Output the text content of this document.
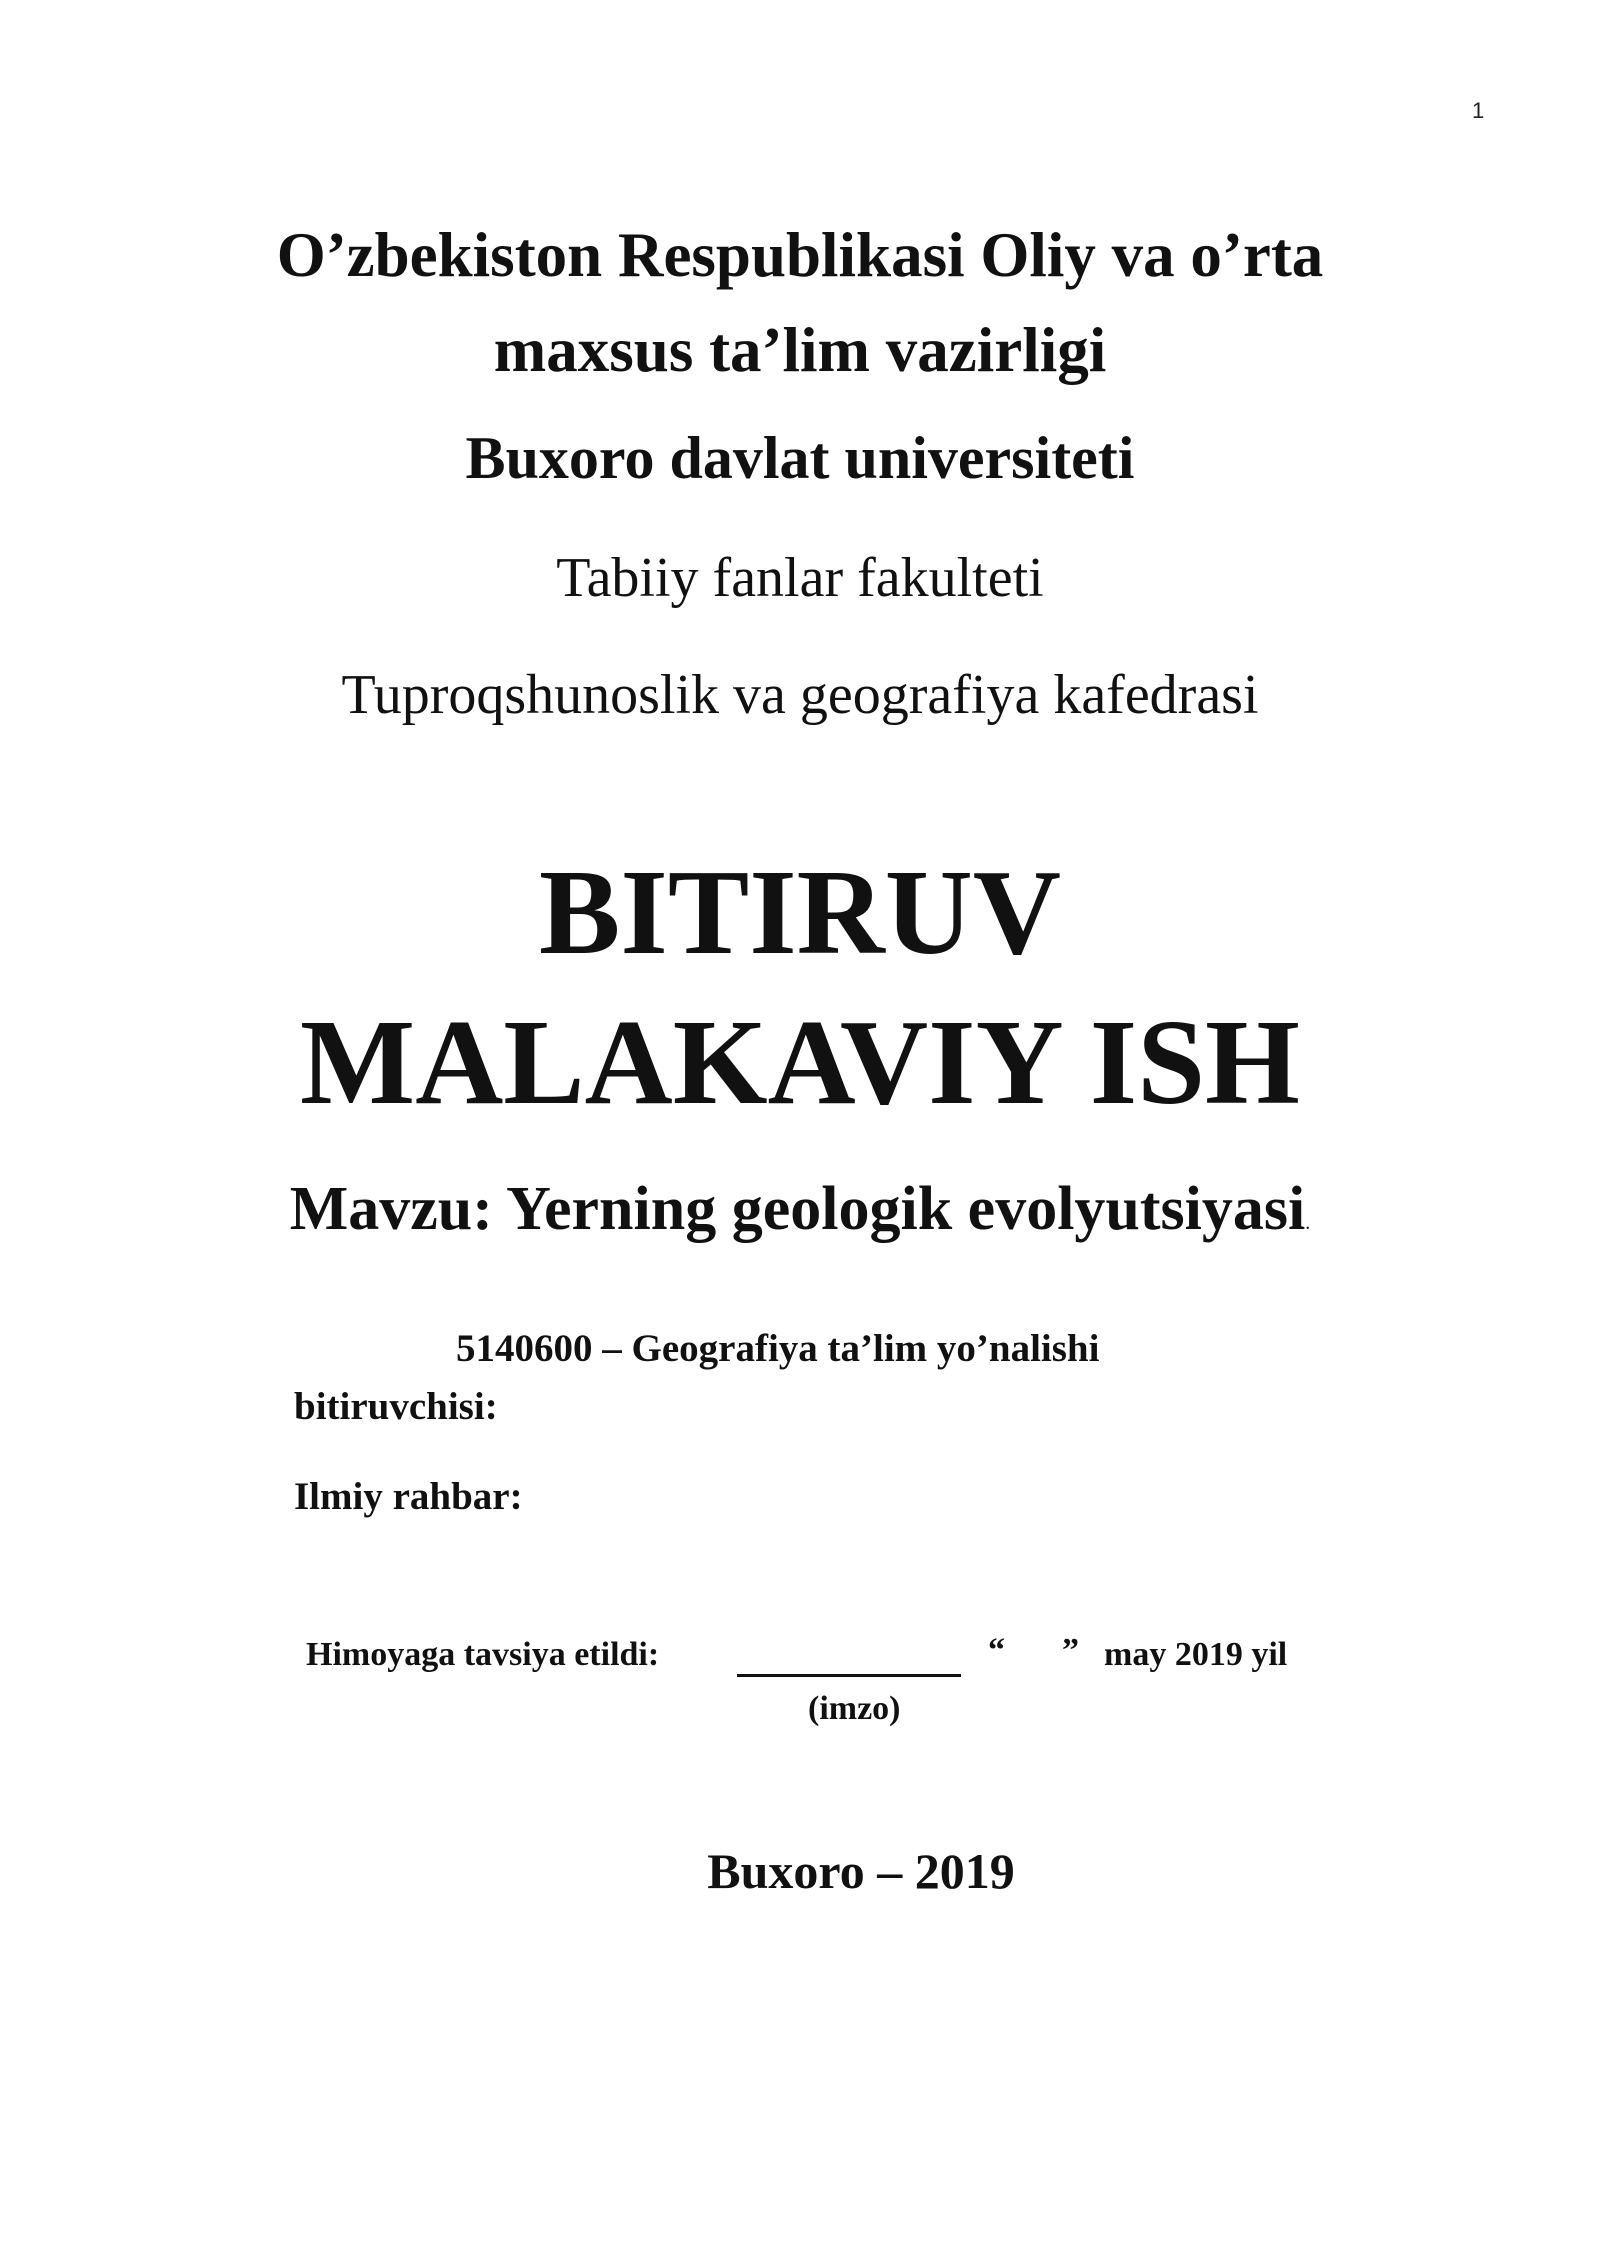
1
O’zbekiston Respublikasi Oliy va o’rta maxsus ta’lim vazirligi
Buxoro davlat universiteti
Tabiiy fanlar fakulteti
Tuproqshunoslik va geografiya kafedrasi
BITIRUV
MALAKAVIY ISH
Mavzu: Yerning geologik evolyutsiyasi.
5140600 – Geografiya ta’lim yo’nalishi
bitiruvchisi:
Ilmiy rahbar:
Himoyaga tavsiya etildi:	“ ” may 2019 yil
(imzo)
Buxoro – 2019
